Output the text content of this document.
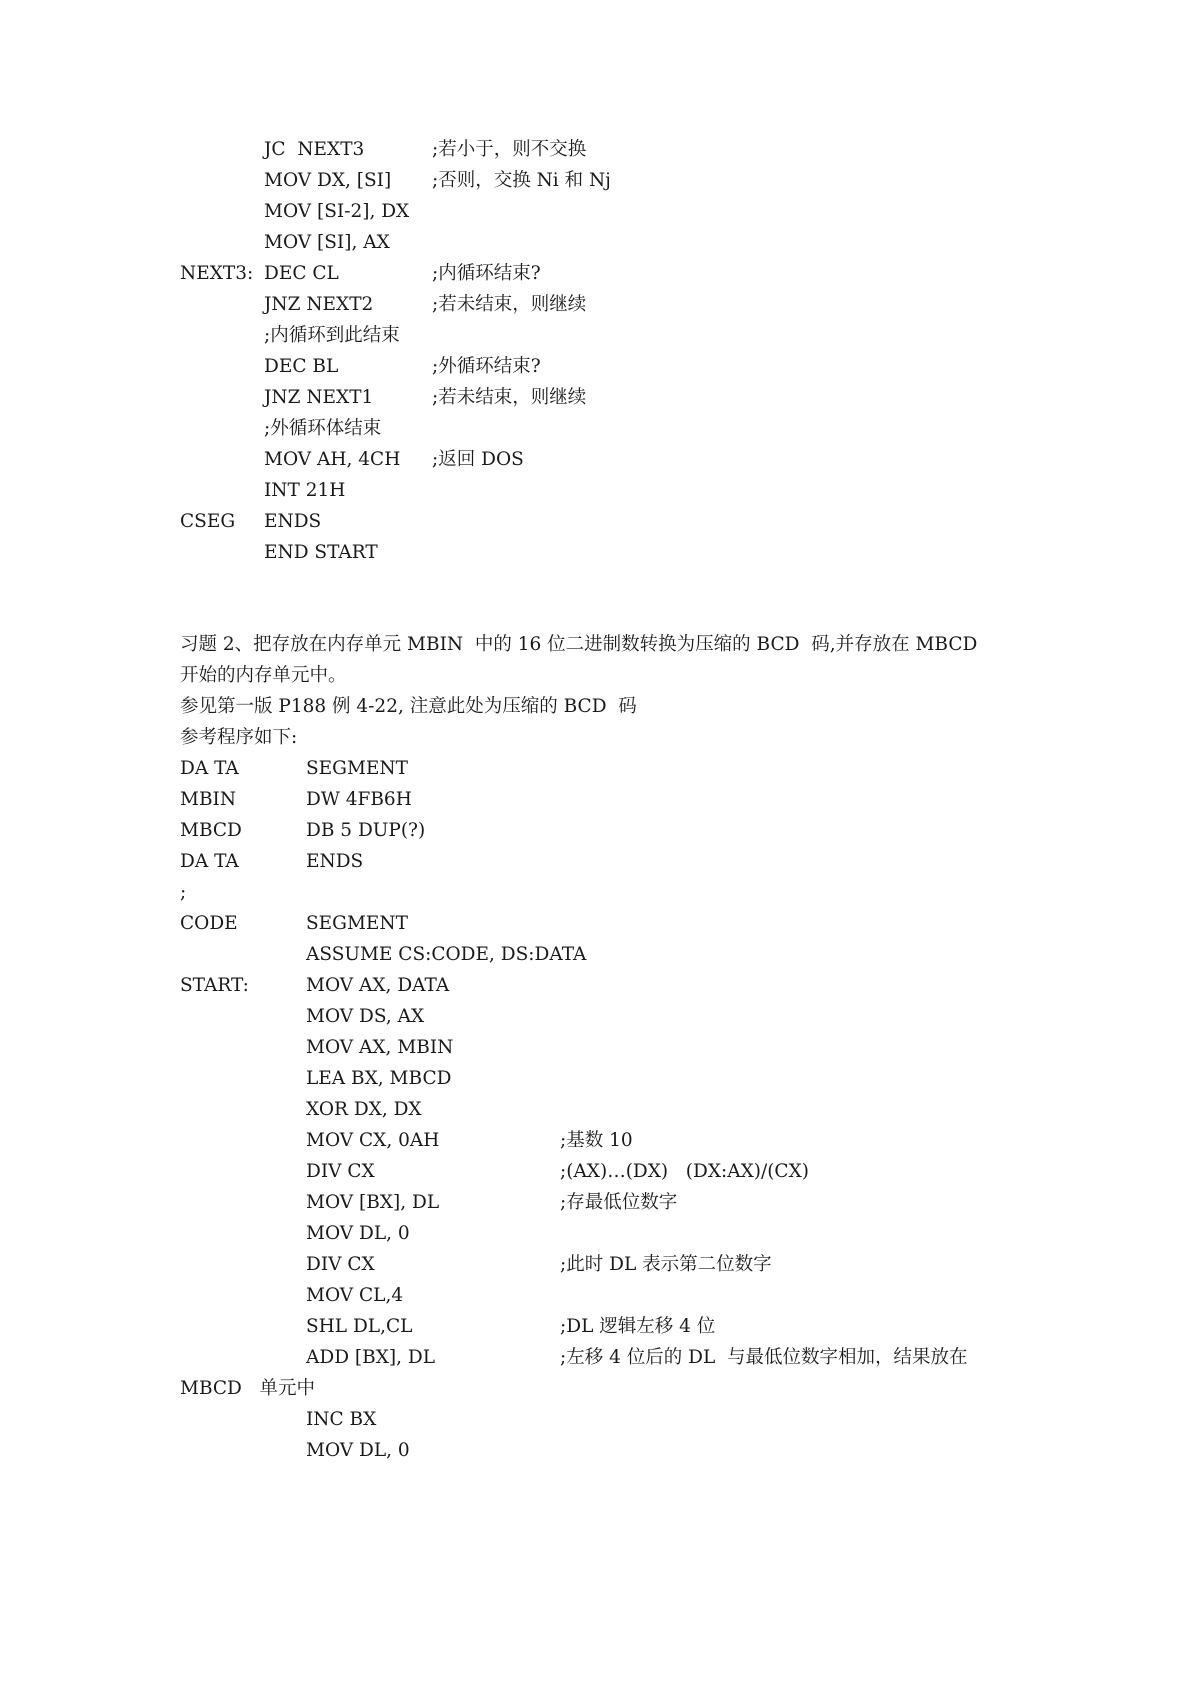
JC  NEXT3	;若小于，则不交换
MOV DX, [SI] ;否则，交换 Ni 和 Nj
MOV [SI-2], DX
MOV [SI], AX
NEXT3: DEC CL	;内循环结束?
JNZ NEXT2	;若未结束，则继续
;内循环到此结束
DEC BL	;外循环结束?
JNZ NEXT1	;若未结束，则继续
;外循环体结束
MOV AH, 4CH ;返回 DOS
INT 21H
CSEG ENDS
END START
习题 2、把存放在内存单元 MBIN  中的 16 位二进制数转换为压缩的 BCD  码,并存放在 MBCD
开始的内存单元中。
参见第一版 P188 例 4-22, 注意此处为压缩的 BCD  码
参考程序如下:
DA TA	SEGMENT
MBIN	DW 4FB6H
MBCD	DB 5 DUP(?)
DA TA	ENDS
;
CODE	SEGMENT
ASSUME CS:CODE, DS:DATA
START:	MOV AX, DATA
MOV DS, AX
MOV AX, MBIN
LEA BX, MBCD
XOR DX, DX
MOV CX, 0AH	;基数 10
DIV CX	;(AX)…(DX)   (DX:AX)/(CX)
MOV [BX], DL	;存最低位数字
MOV DL, 0
DIV CX	;此时 DL 表示第二位数字
MOV CL,4
SHL DL,CL	;DL 逻辑左移 4 位
ADD [BX], DL	;左移 4 位后的 DL  与最低位数字相加，结果放在
MBCD   单元中
INC BX
MOV DL, 0
